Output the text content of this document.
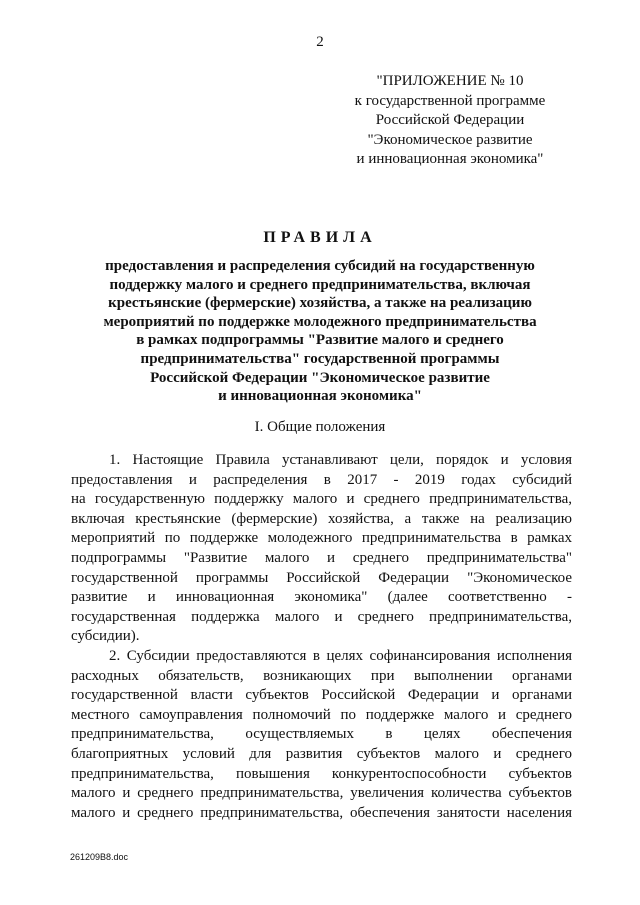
2
"ПРИЛОЖЕНИЕ № 10
к государственной программе
Российской Федерации
"Экономическое развитие
и инновационная экономика"
ПРАВИЛА
предоставления и распределения субсидий на государственную
поддержку малого и среднего предпринимательства, включая
крестьянские (фермерские) хозяйства, а также на реализацию
мероприятий по поддержке молодежного предпринимательства
в рамках подпрограммы "Развитие малого и среднего
предпринимательства" государственной программы
Российской Федерации "Экономическое развитие
и инновационная экономика"
I. Общие положения
1. Настоящие Правила устанавливают цели, порядок и условия
предоставления и распределения в 2017 - 2019 годах субсидий
на государственную поддержку малого и среднего предпринимательства,
включая крестьянские (фермерские) хозяйства, а также на реализацию
мероприятий по поддержке молодежного предпринимательства в рамках
подпрограммы "Развитие малого и среднего предпринимательства"
государственной программы Российской Федерации "Экономическое
развитие и инновационная экономика" (далее соответственно -
государственная поддержка малого и среднего предпринимательства,
субсидии).
2. Субсидии предоставляются в целях софинансирования исполнения
расходных обязательств, возникающих при выполнении органами
государственной власти субъектов Российской Федерации и органами
местного самоуправления полномочий по поддержке малого и среднего
предпринимательства, осуществляемых в целях обеспечения
благоприятных условий для развития субъектов малого и среднего
предпринимательства, повышения конкурентоспособности субъектов
малого и среднего предпринимательства, увеличения количества субъектов
малого и среднего предпринимательства, обеспечения занятости населения
261209В8.doc
